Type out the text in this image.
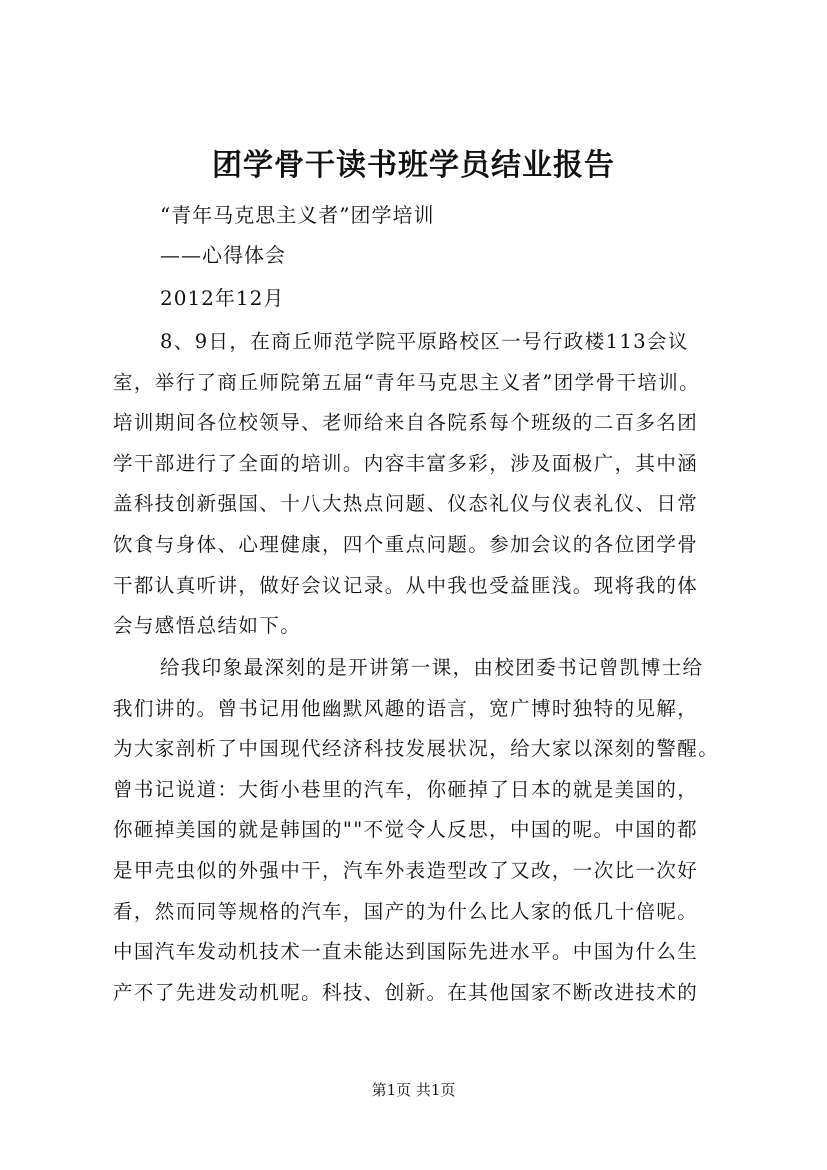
团学骨干读书班学员结业报告
“青年马克思主义者”团学培训
——心得体会
2012年12月
8、9日，在商丘师范学院平原路校区一号行政楼113会议
室，举行了商丘师院第五届“青年马克思主义者”团学骨干培训。
培训期间各位校领导、老师给来自各院系每个班级的二百多名团
学干部进行了全面的培训。内容丰富多彩，涉及面极广，其中涵
盖科技创新强国、十八大热点问题、仪态礼仪与仪表礼仪、日常
饮食与身体、心理健康，四个重点问题。参加会议的各位团学骨
干都认真听讲，做好会议记录。从中我也受益匪浅。现将我的体
会与感悟总结如下。
给我印象最深刻的是开讲第一课，由校团委书记曾凯博士给
我们讲的。曾书记用他幽默风趣的语言，宽广博时独特的见解，
为大家剖析了中国现代经济科技发展状况，给大家以深刻的警醒。
曾书记说道：大街小巷里的汽车，你砸掉了日本的就是美国的，
你砸掉美国的就是韩国的""不觉令人反思，中国的呢。中国的都
是甲壳虫似的外强中干，汽车外表造型改了又改，一次比一次好
看，然而同等规格的汽车，国产的为什么比人家的低几十倍呢。
中国汽车发动机技术一直未能达到国际先进水平。中国为什么生
产不了先进发动机呢。科技、创新。在其他国家不断改进技术的
第1页 共1页
